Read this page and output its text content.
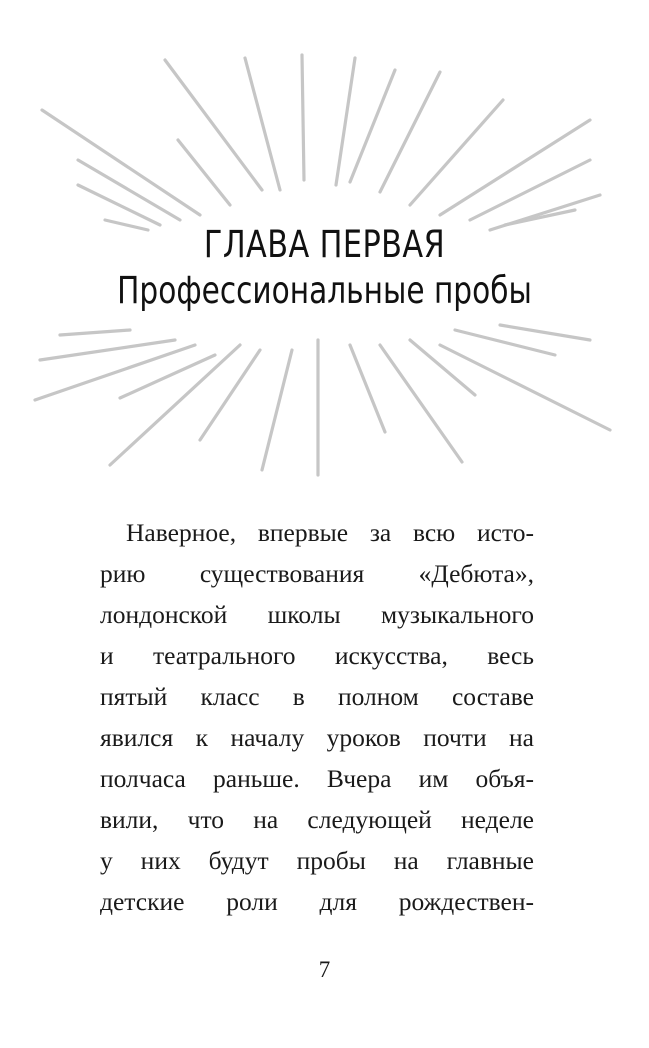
ГЛАВА ПЕРВАЯ
Профессиональные пробы
Наверное, впервые за всю исто-
рию существования «Дебюта»,
лондонской школы музыкального
и театрального искусства, весь
пятый класс в полном составе
явился к началу уроков почти на
полчаса раньше. Вчера им объя-
вили, что на следующей неделе
у них будут пробы на главные
детские роли для рождествен-
7
